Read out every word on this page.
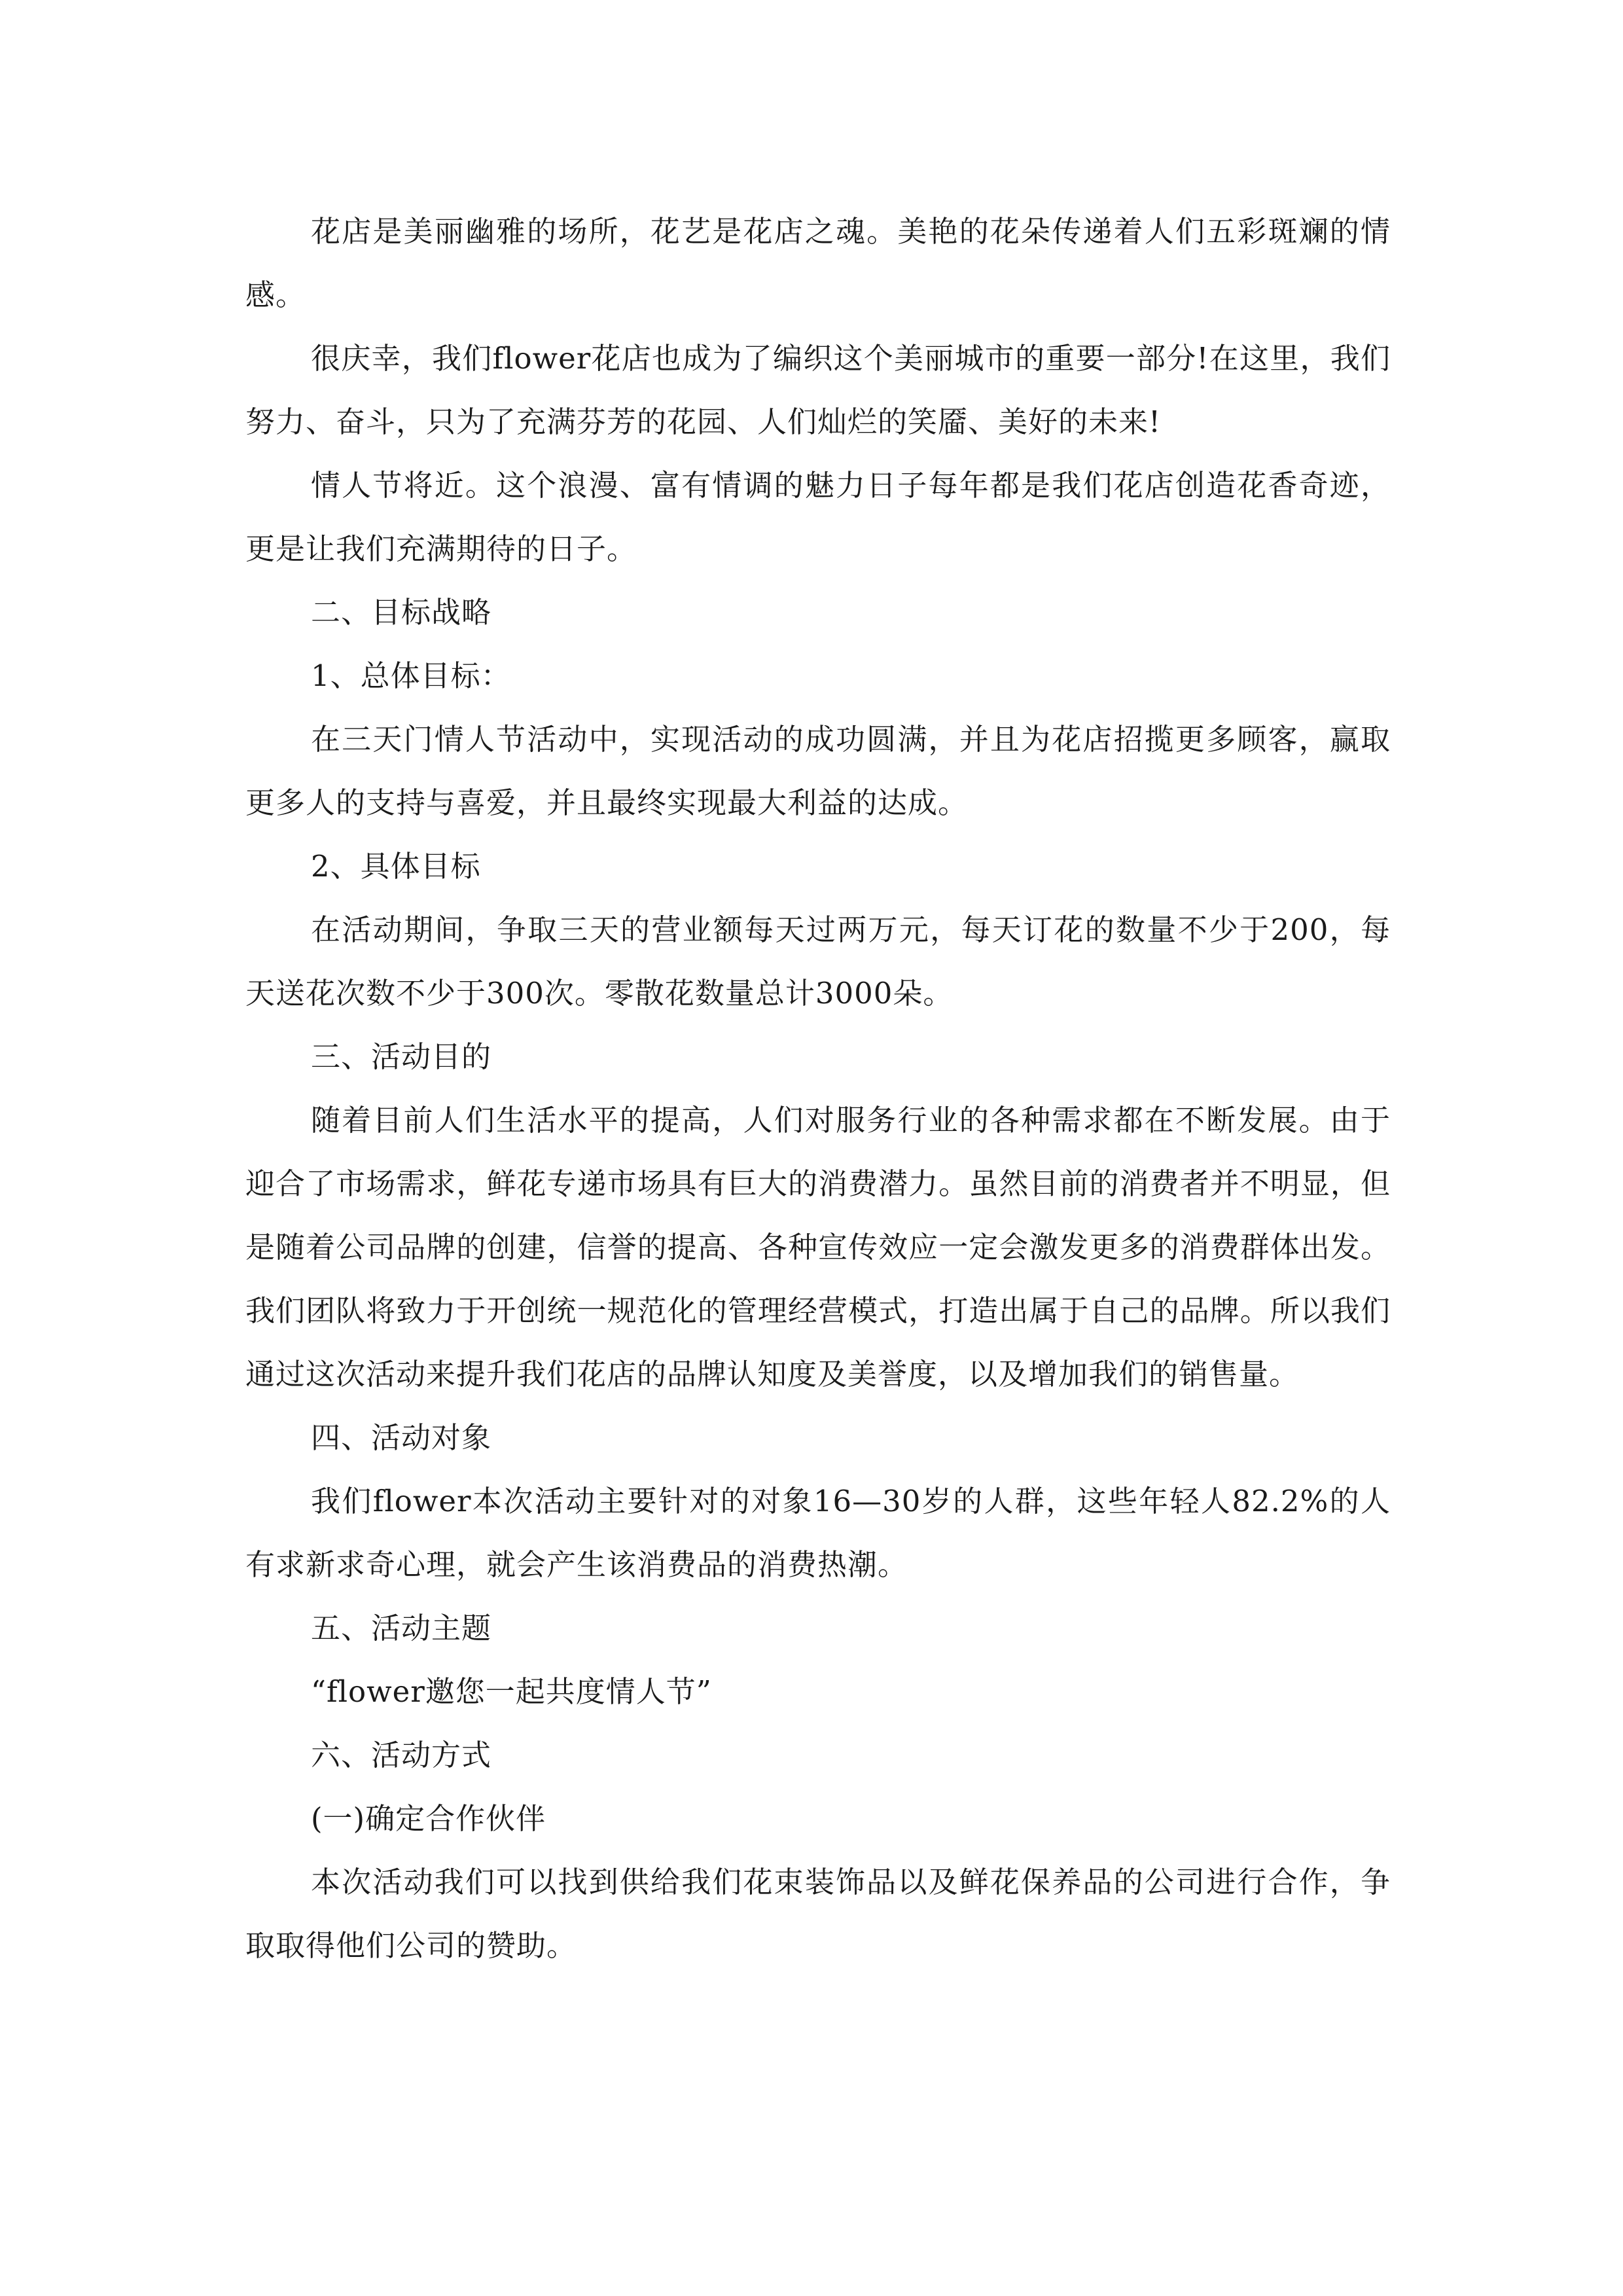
花店是美丽幽雅的场所，花艺是花店之魂。美艳的花朵传递着人们五彩斑斓的情感。

很庆幸，我们flower花店也成为了编织这个美丽城市的重要一部分!在这里，我们努力、奋斗，只为了充满芬芳的花园、人们灿烂的笑靥、美好的未来!

情人节将近。这个浪漫、富有情调的魅力日子每年都是我们花店创造花香奇迹，更是让我们充满期待的日子。

二、目标战略

1、总体目标：

在三天门情人节活动中，实现活动的成功圆满，并且为花店招揽更多顾客，赢取更多人的支持与喜爱，并且最终实现最大利益的达成。

2、具体目标

在活动期间，争取三天的营业额每天过两万元，每天订花的数量不少于200，每天送花次数不少于300次。零散花数量总计3000朵。

三、活动目的

随着目前人们生活水平的提高，人们对服务行业的各种需求都在不断发展。由于迎合了市场需求，鲜花专递市场具有巨大的消费潜力。虽然目前的消费者并不明显，但是随着公司品牌的创建，信誉的提高、各种宣传效应一定会激发更多的消费群体出发。我们团队将致力于开创统一规范化的管理经营模式，打造出属于自己的品牌。所以我们通过这次活动来提升我们花店的品牌认知度及美誉度，以及增加我们的销售量。

四、活动对象

我们flower本次活动主要针对的对象16—30岁的人群，这些年轻人82.2%的人有求新求奇心理，就会产生该消费品的消费热潮。

五、活动主题

“flower邀您一起共度情人节”

六、活动方式

(一)确定合作伙伴

本次活动我们可以找到供给我们花束装饰品以及鲜花保养品的公司进行合作，争取取得他们公司的赞助。
